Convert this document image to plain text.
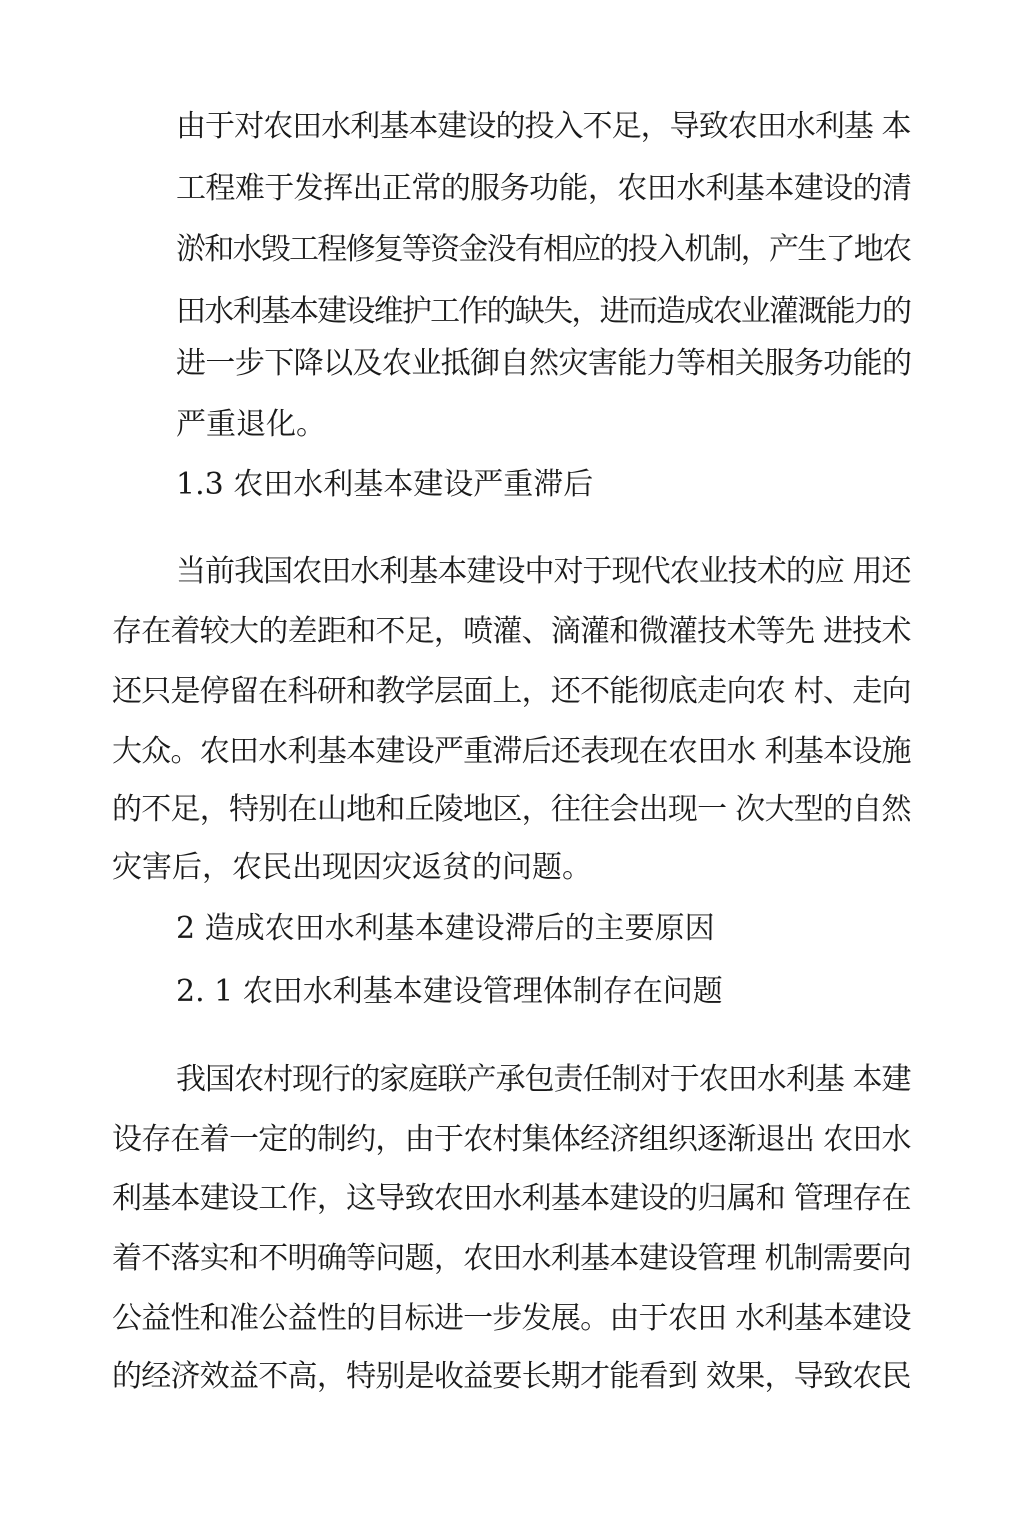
由于对农田水利基本建设的投入不足，导致农田水利基 本
工程难于发挥出正常的服务功能，农田水利基本建设的清
淤和水毁工程修复等资金没有相应的投入机制，产生了地农
田水利基本建设维护工作的缺失，进而造成农业灌溉能力的
进一步下降以及农业抵御自然灾害能力等相关服务功能的
严重退化。
1.3 农田水利基本建设严重滞后
当前我国农田水利基本建设中对于现代农业技术的应 用还
存在着较大的差距和不足，喷灌、滴灌和微灌技术等先 进技术
还只是停留在科研和教学层面上，还不能彻底走向农 村、走向
大众。农田水利基本建设严重滞后还表现在农田水 利基本设施
的不足，特别在山地和丘陵地区，往往会出现一 次大型的自然
灾害后，农民出现因灾返贫的问题。
2 造成农田水利基本建设滞后的主要原因
2. 1 农田水利基本建设管理体制存在问题
我国农村现行的家庭联产承包责任制对于农田水利基 本建
设存在着一定的制约，由于农村集体经济组织逐渐退出 农田水
利基本建设工作，这导致农田水利基本建设的归属和 管理存在
着不落实和不明确等问题，农田水利基本建设管理 机制需要向
公益性和准公益性的目标进一步发展。由于农田 水利基本建设
的经济效益不高，特别是收益要长期才能看到 效果，导致农民
